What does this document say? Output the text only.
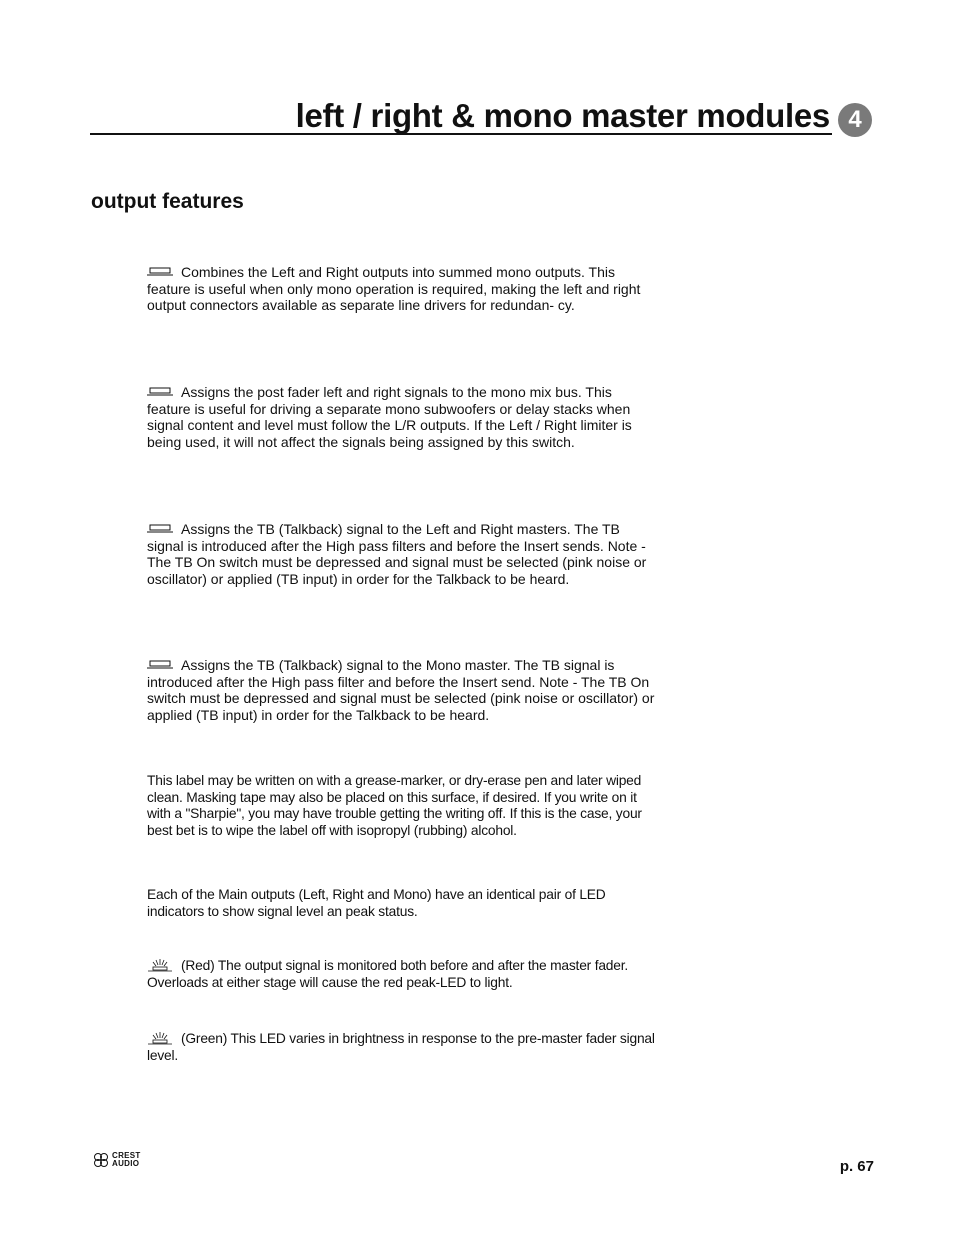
left / right & mono master modules 4
output features

Combines the Left and Right outputs into summed mono outputs. This feature is useful when only mono operation is required, making the left and right output connectors available as separate line drivers for redundan- cy.

Assigns the post fader left and right signals to the mono mix bus. This feature is useful for driving a separate mono subwoofers or delay stacks when signal content and level must follow the L/R outputs. If the Left / Right limiter is being used, it will not affect the signals being assigned by this switch.

Assigns the TB (Talkback) signal to the Left and Right masters. The TB signal is introduced after the High pass filters and before the Insert sends. Note - The TB On switch must be depressed and signal must be selected (pink noise or oscillator) or applied (TB input) in order for the Talkback to be heard.

Assigns the TB (Talkback) signal to the Mono master. The TB signal is introduced after the High pass filter and before the Insert send. Note - The TB On switch must be depressed and signal must be selected (pink noise or oscillator) or applied (TB input) in order for the Talkback to be heard.

This label may be written on with a grease-marker, or dry-erase pen and later wiped clean. Masking tape may also be placed on this surface, if desired. If you write on it with a "Sharpie", you may have trouble getting the writing off. If this is the case, your best bet is to wipe the label off with isopropyl (rubbing) alcohol.

Each of the Main outputs (Left, Right and Mono) have an identical pair of LED indicators to show signal level an peak status.

(Red) The output signal is monitored both before and after the master fader. Overloads at either stage will cause the red peak-LED to light.

(Green) This LED varies in brightness in response to the pre-master fader signal level.

CREST
AUDIO	p. 67
